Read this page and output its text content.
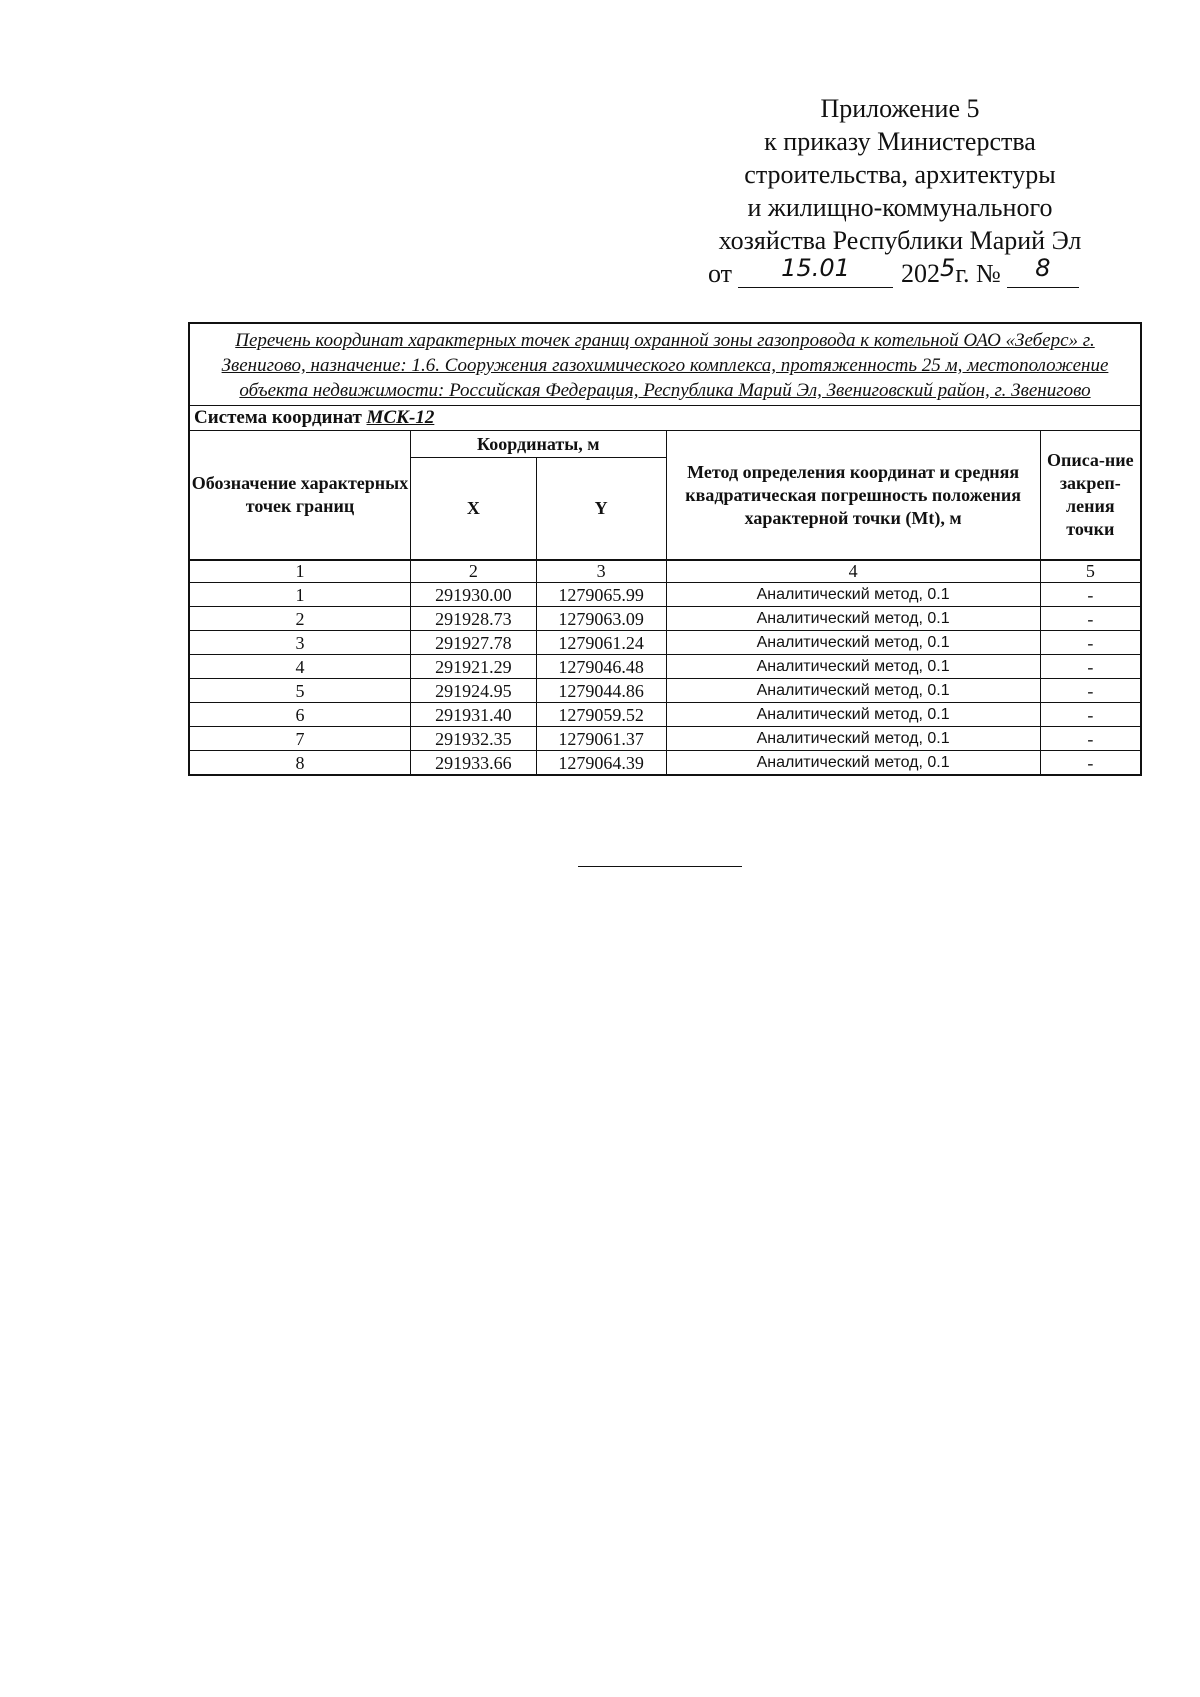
Приложение 5
к приказу Министерства
строительства, архитектуры
и жилищно-коммунального
хозяйства Республики Марий Эл
от 15.01 2025г. № 8
Перечень координат характерных точек границ охранной зоны газопровода к котельной ОАО «Зеберс» г. Звенигово, назначение: 1.6. Сооружения газохимического комплекса, протяженность 25 м, местоположение объекта недвижимости: Российская Федерация, Республика Марий Эл, Звениговский район, г. Звенигово				
Система координат МСК-12				
Обозначение характерных точек границ	Координаты, м		Метод определения координат и средняя квадратическая погрешность положения характерной точки (Mt), м	Описа-ние закреп-ления точки
	X	Y		
1	2	3	4	5
1	291930.00	1279065.99	Аналитический метод, 0.1	-
2	291928.73	1279063.09	Аналитический метод, 0.1	-
3	291927.78	1279061.24	Аналитический метод, 0.1	-
4	291921.29	1279046.48	Аналитический метод, 0.1	-
5	291924.95	1279044.86	Аналитический метод, 0.1	-
6	291931.40	1279059.52	Аналитический метод, 0.1	-
7	291932.35	1279061.37	Аналитический метод, 0.1	-
8	291933.66	1279064.39	Аналитический метод, 0.1	-
